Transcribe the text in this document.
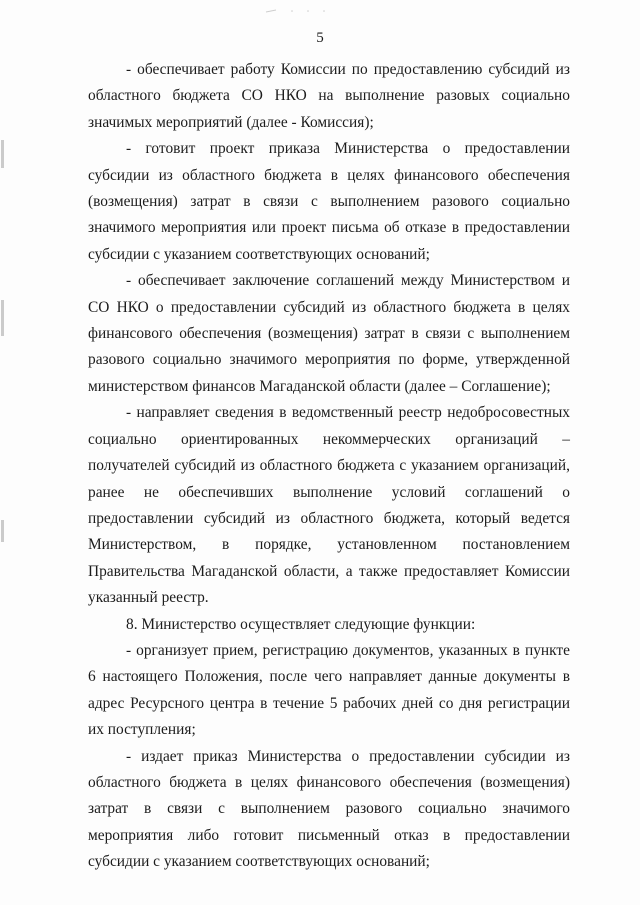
5

- обеспечивает работу Комиссии по предоставлению субсидий из областного бюджета СО НКО на выполнение разовых социально значимых мероприятий (далее - Комиссия);

- готовит проект приказа Министерства о предоставлении субсидии из областного бюджета в целях финансового обеспечения (возмещения) затрат в связи с выполнением разового социально значимого мероприятия или проект письма об отказе в предоставлении субсидии с указанием соответствующих оснований;

- обеспечивает заключение соглашений между Министерством и СО НКО о предоставлении субсидий из областного бюджета в целях финансового обеспечения (возмещения) затрат в связи с выполнением разового социально значимого мероприятия по форме, утвержденной министерством финансов Магаданской области (далее – Соглашение);

- направляет сведения в ведомственный реестр недобросовестных социально ориентированных некоммерческих организаций – получателей субсидий из областного бюджета с указанием организаций, ранее не обеспечивших выполнение условий соглашений о предоставлении субсидий из областного бюджета, который ведется Министерством, в порядке, установленном постановлением Правительства Магаданской области, а также предоставляет Комиссии указанный реестр.

8. Министерство осуществляет следующие функции:

- организует прием, регистрацию документов, указанных в пункте 6 настоящего Положения, после чего направляет данные документы в адрес Ресурсного центра в течение 5 рабочих дней со дня регистрации их поступления;

- издает приказ Министерства о предоставлении субсидии из областного бюджета в целях финансового обеспечения (возмещения) затрат в связи с выполнением разового социально значимого мероприятия либо готовит письменный отказ в предоставлении субсидии с указанием соответствующих оснований;
